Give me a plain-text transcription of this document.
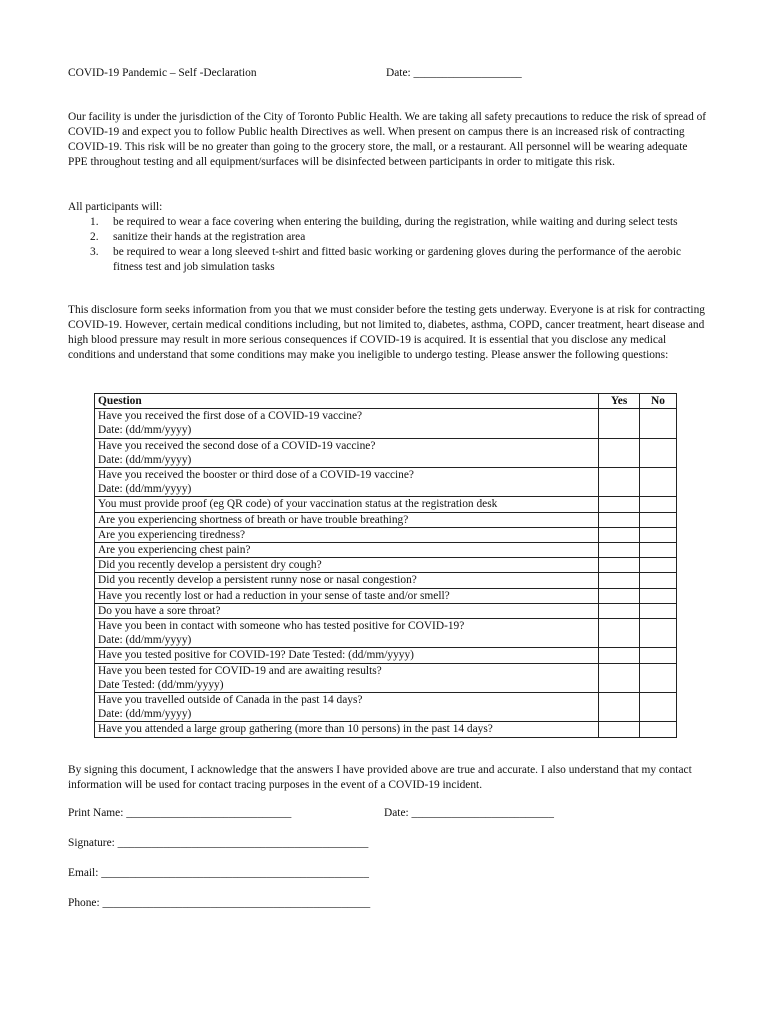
COVID-19 Pandemic – Self -Declaration	Date: ___________________

Our facility is under the jurisdiction of the City of Toronto Public Health. We are taking all safety precautions to reduce the risk of spread of COVID-19 and expect you to follow Public health Directives as well. When present on campus there is an increased risk of contracting COVID-19. This risk will be no greater than going to the grocery store, the mall, or a restaurant. All personnel will be wearing adequate PPE throughout testing and all equipment/surfaces will be disinfected between participants in order to mitigate this risk.

All participants will:

1. be required to wear a face covering when entering the building, during the registration, while waiting and during select tests
2. sanitize their hands at the registration area
3. be required to wear a long sleeved t-shirt and fitted basic working or gardening gloves during the performance of the aerobic fitness test and job simulation tasks

This disclosure form seeks information from you that we must consider before the testing gets underway. Everyone is at risk for contracting COVID-19. However, certain medical conditions including, but not limited to, diabetes, asthma, COPD, cancer treatment, heart disease and high blood pressure may result in more serious consequences if COVID-19 is acquired. It is essential that you disclose any medical conditions and understand that some conditions may make you ineligible to undergo testing. Please answer the following questions:

Question	Yes	No

Have you received the first dose of a COVID-19 vaccine?
Date: (dd/mm/yyyy)		

Have you received the second dose of a COVID-19 vaccine?
Date: (dd/mm/yyyy)		

Have you received the booster or third dose of a COVID-19 vaccine?
Date: (dd/mm/yyyy)		

You must provide proof (eg QR code) of your vaccination status at the registration desk		

Are you experiencing shortness of breath or have trouble breathing?		

Are you experiencing tiredness?		

Are you experiencing chest pain?		

Did you recently develop a persistent dry cough?		

Did you recently develop a persistent runny nose or nasal congestion?		

Have you recently lost or had a reduction in your sense of taste and/or smell?		

Do you have a sore throat?		

Have you been in contact with someone who has tested positive for COVID-19?
Date: (dd/mm/yyyy)		

Have you tested positive for COVID-19? Date Tested: (dd/mm/yyyy)		

Have you been tested for COVID-19 and are awaiting results?
Date Tested: (dd/mm/yyyy)		

Have you travelled outside of Canada in the past 14 days?
Date: (dd/mm/yyyy)		

Have you attended a large group gathering (more than 10 persons) in the past 14 days?		

By signing this document, I acknowledge that the answers I have provided above are true and accurate. I also understand that my contact information will be used for contact tracing purposes in the event of a COVID-19 incident.

Print Name: _____________________________	Date: _________________________
Signature: ____________________________________________
Email: _______________________________________________
Phone: _______________________________________________
